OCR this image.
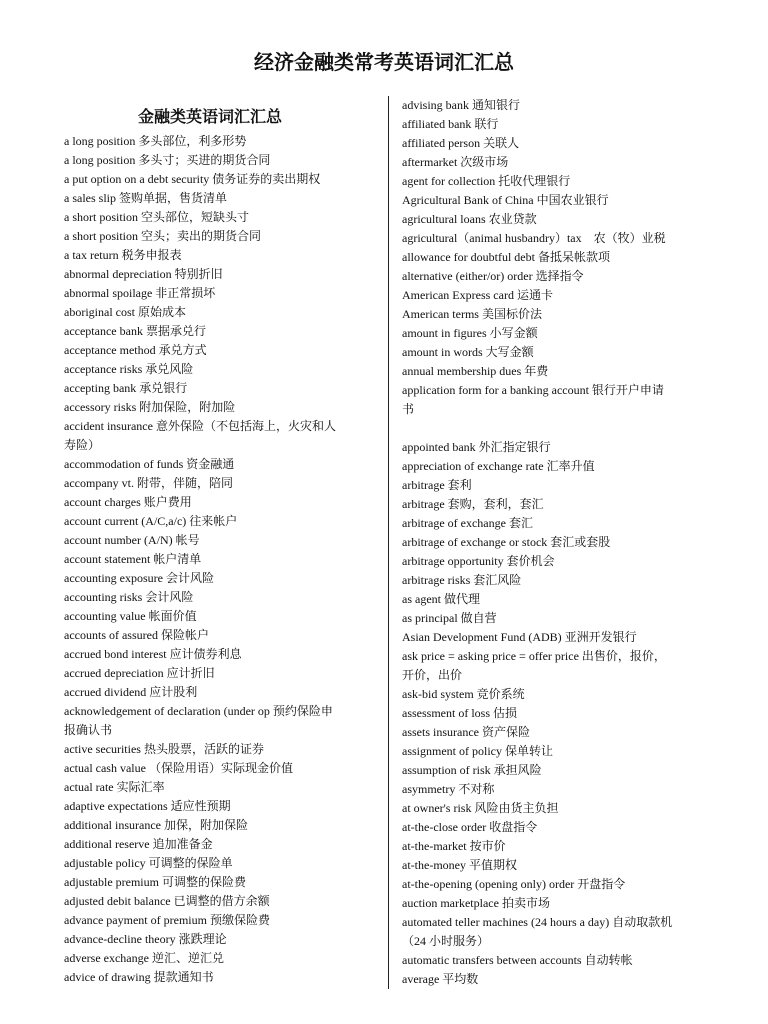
经济金融类常考英语词汇汇总
金融类英语词汇汇总
a long position 多头部位，利多形势
a long position 多头寸；买进的期货合同
a put option on a debt security 债务证券的卖出期权
a sales slip 签购单据，售货清单
a short position 空头部位，短缺头寸
a short position 空头；卖出的期货合同
a tax return 税务申报表
abnormal depreciation 特别折旧
abnormal spoilage 非正常损坏
aboriginal cost 原始成本
acceptance bank 票据承兑行
acceptance method 承兑方式
acceptance risks 承兑风险
accepting bank 承兑银行
accessory risks 附加保险，附加险
accident insurance 意外保险（不包括海上，火灾和人
寿险）
accommodation of funds 资金融通
accompany vt. 附带，伴随，陪同
account charges 账户费用
account current (A/C,a/c) 往来帐户
account number (A/N) 帐号
account statement 帐户清单
accounting exposure 会计风险
accounting risks 会计风险
accounting value 帐面价值
accounts of assured 保险帐户
accrued bond interest 应计债券利息
accrued depreciation 应计折旧
accrued dividend 应计股利
acknowledgement of declaration (under op 预约保险申
报确认书
active securities 热头股票，活跃的证券
actual cash value （保险用语）实际现金价值
actual rate 实际汇率
adaptive expectations 适应性预期
additional insurance 加保，附加保险
additional reserve 追加准备金
adjustable policy 可调整的保险单
adjustable premium 可调整的保险费
adjusted debit balance 已调整的借方余额
advance payment of premium 预缴保险费
advance-decline theory 涨跌理论
adverse exchange 逆汇、逆汇兑
advice of drawing 提款通知书
advising bank 通知银行
affiliated bank 联行
affiliated person 关联人
aftermarket 次级市场
agent for collection 托收代理银行
Agricultural Bank of China 中国农业银行
agricultural loans 农业贷款
agricultural（animal husbandry）tax　农（牧）业税
allowance for doubtful debt 备抵呆帐款项
alternative (either/or) order 选择指令
American Express card 运通卡
American terms 美国标价法
amount in figures 小写金额
amount in words 大写金额
annual membership dues 年费
application form for a banking account 银行开户申请
书
appointed bank 外汇指定银行
appreciation of exchange rate 汇率升值
arbitrage 套利
arbitrage 套购，套利，套汇
arbitrage of exchange 套汇
arbitrage of exchange or stock 套汇或套股
arbitrage opportunity 套价机会
arbitrage risks 套汇风险
as agent 做代理
as principal 做自营
Asian Development Fund (ADB) 亚洲开发银行
ask price = asking price = offer price 出售价，报价，
开价，出价
ask-bid system 竞价系统
assessment of loss 估损
assets insurance 资产保险
assignment of policy 保单转让
assumption of risk 承担风险
asymmetry 不对称
at owner's risk 风险由货主负担
at-the-close order 收盘指令
at-the-market 按市价
at-the-money 平值期权
at-the-opening (opening only) order 开盘指令
auction marketplace 拍卖市场
automated teller machines (24 hours a day) 自动取款机
（24 小时服务）
automatic transfers between accounts 自动转帐
average 平均数
